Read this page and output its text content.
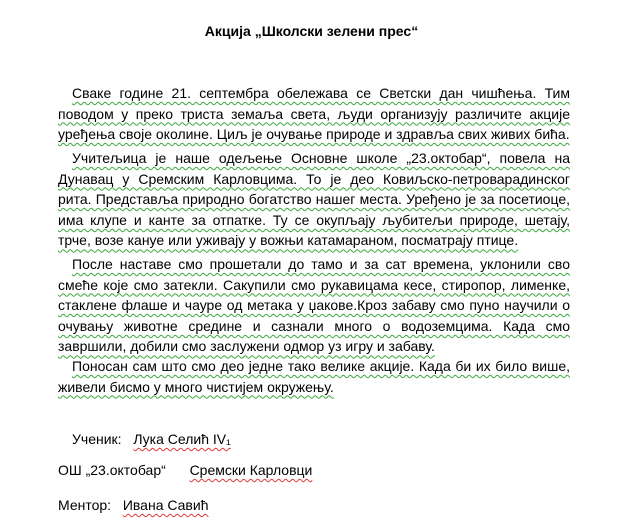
Акција „Школски зелени прес“

Сваке године 21. септембра обележава се Светски дан чишћења. Тим поводом у преко триста земаља света, људи организују различите акције уређења своје околине. Циљ је очување природе и здравља свих живих бића.

Учитељица је наше одељење Основне школе „23.октобар“, повела на Дунавац у Сремским Карловцима. То је део Ковиљско-петроварадинског рита. Представља природно богатство нашег места. Уређено је за посетиоце, има клупе и канте за отпатке. Ту се окупљају љубитељи природе, шетају, трче, возе кануе или уживају у вожњи катамараном, посматрају птице.

После наставе смо прошетали до тамо и за сат времена, уклонили сво смеће које смо затекли. Сакупили смо рукавицама кесе, стиропор, лименке, стаклене флаше и чауре од метака у џакове.Кроз забаву смо пуно научили о очувању животне средине и сазнали много о водоземцима. Када смо завршили, добили смо заслужени одмор уз игру и забаву.

Поносан сам што смо део једне тако велике акције. Када би их било више, живели бисмо у много чистијем окружењу.

Ученик: Лука Селић IV₁
ОШ „23.октобар“ Сремски Карловци
Ментор: Ивана Савић
